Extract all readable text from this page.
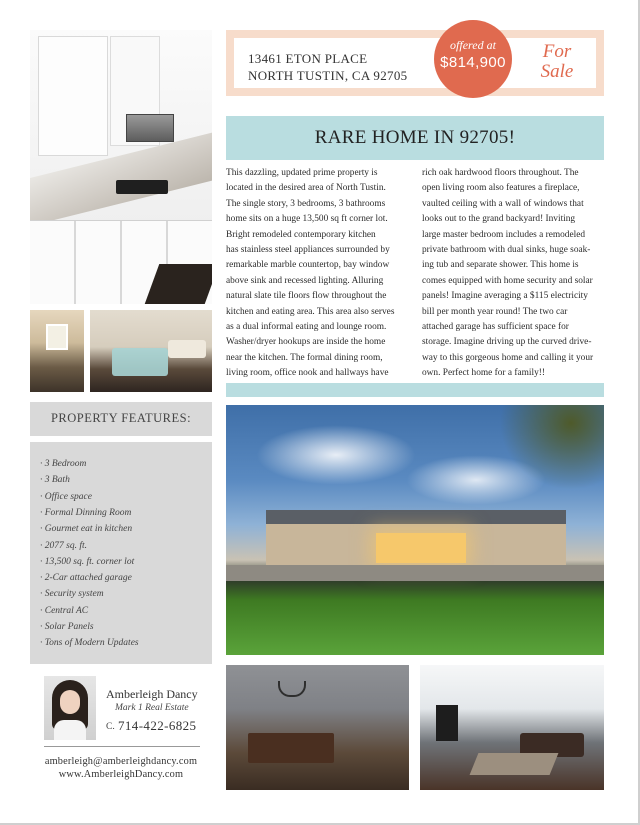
13461 ETON PLACE
NORTH TUSTIN, CA 92705
offered at
$814,900
For
Sale
RARE HOME IN 92705!
This dazzling, updated prime property is
located in the desired area of North Tustin.
The single story, 3 bedrooms, 3 bathrooms
home sits on a huge 13,500 sq ft corner lot.
Bright remodeled contemporary kitchen
has stainless steel appliances surrounded by
remarkable marble countertop, bay window
above sink and recessed lighting. Alluring
natural slate tile floors flow throughout the
kitchen and eating area. This area also serves
as a dual informal eating and lounge room.
Washer/dryer hookups are inside the home
near the kitchen. The formal dining room,
living room, office nook and hallways have
rich oak hardwood floors throughout. The
open living room also features a fireplace,
vaulted ceiling with a wall of windows that
looks out to the grand backyard! Inviting
large master bedroom includes a remodeled
private bathroom with dual sinks, huge soak-
ing tub and separate shower. This home is
comes equipped with home security and solar
panels! Imagine averaging a $115 electricity
bill per month year round! The two car
attached garage has sufficient space for
storage. Imagine driving up the curved drive-
way to this gorgeous home and calling it your
own. Perfect home for a family!!
PROPERTY FEATURES:
· 3 Bedroom
· 3 Bath
· Office space
· Formal Dinning Room
· Gourmet eat in kitchen
· 2077 sq. ft.
· 13,500 sq. ft. corner lot
· 2-Car attached garage
· Security system
· Central AC
· Solar Panels
· Tons of Modern Updates
Amberleigh Dancy
Mark 1 Real Estate
C. 714-422-6825
amberleigh@amberleighdancy.com
www.AmberleighDancy.com
